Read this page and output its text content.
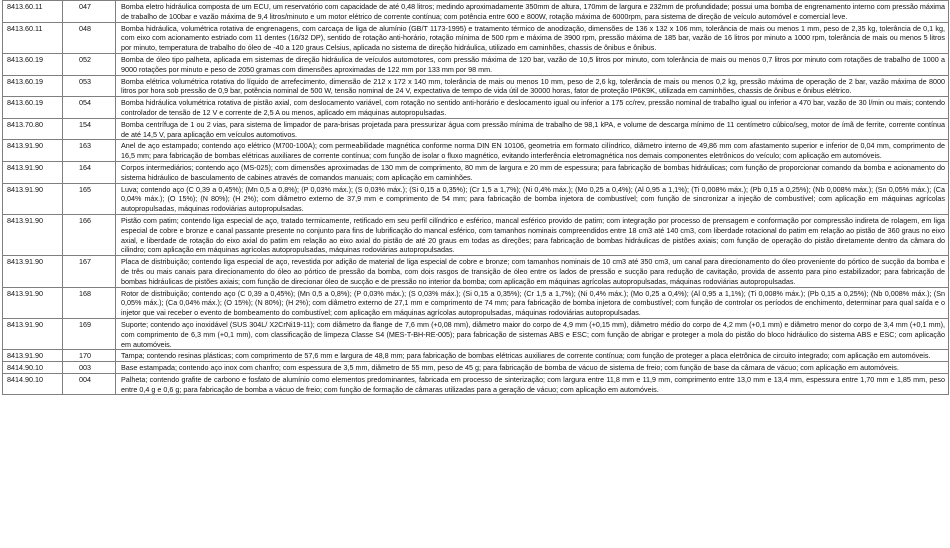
8413.60.11	047	Bomba eletro hidráulica composta de um ECU, um reservatório com capacidade de até 0,48 litros; medindo aproximadamente 350mm de altura, 170mm de largura e 232mm de profundidade; possui uma bomba de engrenamento interno com pressão máxima de trabalho de 100bar e vazão máxima de 9,4 litros/minuto e um motor elétrico de corrente contínua; com potência entre 600 e 800W, rotação máxima de 6000rpm, para sistema de direção de veículo automóvel e comercial leve.
8413.60.11	048	Bomba hidráulica, volumétrica rotativa de engrenagens, com carcaça de liga de alumínio (GB/T 1173-1995) e tratamento térmico de anodização, dimensões de 136 x 132 x 106 mm, tolerância de mais ou menos 1 mm, peso de 2,35 kg, tolerância de 0,1 kg, com eixo com acionamento estriado com 11 dentes (16/32 DP), sentido de rotação anti-horário, rotação mínima de 500 rpm e máxima de 3900 rpm, pressão máxima de 185 bar, vazão de 16 litros por minuto a 1000 rpm, tolerância de mais ou menos 5 litros por minuto, temperatura de trabalho do óleo de -40 a 120 graus Celsius, aplicada no sistema de direção hidráulica, utilizado em caminhões, chassis de ônibus e ônibus.
8413.60.19	052	Bomba de óleo tipo palheta, aplicada em sistemas de direção hidráulica de veículos automotores, com pressão máxima de 120 bar, vazão de 10,5 litros por minuto, com tolerância de mais ou menos 0,7 litros por minuto com rotações de trabalho de 1000 a 9000 rotações por minuto e peso de 2050 gramas com dimensões aproximadas de 122 mm por 133 mm por 98 mm.
8413.60.19	053	Bomba elétrica volumétrica rotativa do líquido de arrefecimento, dimensão de 212 x 172 x 140 mm, tolerância de mais ou menos 10 mm, peso de 2,6 kg, tolerância de mais ou menos 0,2 kg, pressão máxima de operação de 2 bar, vazão máxima de 8000 litros por hora sob pressão de 0,9 bar, potência nominal de 500 W, tensão nominal de 24 V, expectativa de tempo de vida útil de 30000 horas, fator de proteção IP6K9K, utilizada em caminhões, chassis de ônibus e ônibus elétrico.
8413.60.19	054	Bomba hidráulica volumétrica rotativa de pistão axial, com deslocamento variável, com rotação no sentido anti-horário e deslocamento igual ou inferior a 175 cc/rev, pressão nominal de trabalho igual ou inferior a 470 bar, vazão de 30 l/min ou mais; contendo controlador de tensão de 12 V e corrente de 2,5 A ou menos, aplicado em máquinas autopropulsadas.
8413.70.80	154	Bomba centrífuga de 1 ou 2 vias, para sistema de limpador de para-brisas projetada para pressurizar água com pressão mínima de trabalho de 98,1 kPA, e volume de descarga mínimo de 11 centímetro cúbico/seg, motor de ímã de ferrite, corrente contínua de até 14,5 V, para aplicação em veículos automotivos.
8413.91.90	163	Anel de aço estampado; contendo aço elétrico (M700-100A); com permeabilidade magnética conforme norma DIN EN 10106, geometria em formato cilíndrico, diâmetro interno de 49,86 mm com afastamento superior e inferior de 0,04 mm, comprimento de 16,5 mm; para fabricação de bombas elétricas auxiliares de corrente contínua; com função de isolar o fluxo magnético, evitando interferência eletromagnética nos demais componentes eletrônicos do veículo; com aplicação em automóveis.
8413.91.90	164	Corpos intermediários; contendo aço (MS-025); com dimensões aproximadas de 130 mm de comprimento, 80 mm de largura e 20 mm de espessura; para fabricação de bombas hidráulicas; com função de proporcionar comando da bomba e acionamento do sistema hidráulico de basculamento de cabines através de comandos manuais; com aplicação em caminhões.
8413.91.90	165	Luva; contendo aço (C 0,39 a 0,45%); (Mn 0,5 a 0,8%); (P 0,03% máx.); (S 0,03% máx.); (Si 0,15 a 0,35%); (Cr 1,5 a 1,7%); (Ni 0,4% máx.); (Mo 0,25 a 0,4%); (Al 0,95 a 1,1%); (Ti 0,008% máx.); (Pb 0,15 a 0,25%); (Nb 0,008% máx.); (Sn 0,05% máx.); (Ca 0,04% máx.); (O 15%); (N 80%); (H 2%); com diâmetro externo de 37,9 mm e comprimento de 54 mm; para fabricação de bomba injetora de combustível; com função de sincronizar a injeção de combustível; com aplicação em máquinas agrícolas autopropulsadas, máquinas rodoviárias autopropulsadas.
8413.91.90	166	Pistão com patim; contendo liga especial de aço, tratado termicamente, retificado em seu perfil cilíndrico e esférico, mancal esférico provido de patim; com integração por processo de prensagem e conformação por compressão indireta de rolagem, em liga especial de cobre e bronze e canal passante presente no conjunto para fins de lubrificação do mancal esférico, com tamanhos nominais compreendidos entre 18 cm3 até 140 cm3, com liberdade rotacional do patim em relação ao pistão de 360 graus no eixo axial, e liberdade de rotação do eixo axial do patim em relação ao eixo axial do pistão de até 20 graus em todas as direções; para fabricação de bombas hidráulicas de pistões axiais; com função de operação do pistão diretamente dentro da câmara do cilindro; com aplicação em máquinas agrícolas autopropulsadas, máquinas rodoviárias autopropulsadas.
8413.91.90	167	Placa de distribuição; contendo liga especial de aço, revestida por adição de material de liga especial de cobre e bronze; com tamanhos nominais de 10 cm3 até 350 cm3, um canal para direcionamento do óleo proveniente do pórtico de sucção da bomba e de três ou mais canais para direcionamento do óleo ao pórtico de pressão da bomba, com dois rasgos de transição de óleo entre os lados de pressão e sucção para redução de cavitação, provida de assento para pino estabilizador; para fabricação de bombas hidráulicas de pistões axiais; com função de direcionar óleo de sucção e de pressão no interior da bomba; com aplicação em máquinas agrícolas autopropulsadas, máquinas rodoviárias autopropulsadas.
8413.91.90	168	Rotor de distribuição; contendo aço (C 0,39 a 0,45%); (Mn 0,5 a 0,8%); (P 0,03% máx.); (S 0,03% máx.); (Si 0,15 a 0,35%); (Cr 1,5 a 1,7%); (Ni 0,4% máx.); (Mo 0,25 a 0,4%); (Al 0,95 a 1,1%); (Ti 0,008% máx.); (Pb 0,15 a 0,25%); (Nb 0,008% máx.); (Sn 0,05% máx.); (Ca 0,04% máx.); (O 15%); (N 80%); (H 2%); com diâmetro externo de 27,1 mm e comprimento de 74 mm; para fabricação de bomba injetora de combustível; com função de controlar os períodos de enchimento, determinar para qual saída e o injetor que vai receber o evento de bombeamento do combustível; com aplicação em máquinas agrícolas autopropulsadas, máquinas rodoviárias autopropulsadas.
8413.91.90	169	Suporte; contendo aço inoxidável (SUS 304L/ X2CrNi19-11); com diâmetro da flange de 7,6 mm (+0,08 mm), diâmetro maior do corpo de 4,9 mm (+0,15 mm), diâmetro médio do corpo de 4,2 mm (+0,1 mm) e diâmetro menor do corpo de 3,4 mm (+0,1 mm), com comprimento de 6,3 mm (+0,1 mm), com classificação de limpeza Classe S4 (MES-T-BH-RE-005); para fabricação de sistemas ABS e ESC; com função de abrigar e proteger a mola do pistão do bloco hidráulico do sistema ABS e ESC; com aplicação em automóveis.
8413.91.90	170	Tampa; contendo resinas plásticas; com comprimento de 57,6 mm e largura de 48,8 mm; para fabricação de bombas elétricas auxiliares de corrente contínua; com função de proteger a placa eletrônica de circuito integrado; com aplicação em automóveis.
8414.90.10	003	Base estampada; contendo aço inox com chanfro; com espessura de 3,5 mm, diâmetro de 55 mm, peso de 45 g; para fabricação de bomba de vácuo de sistema de freio; com função de base da câmara de vácuo; com aplicação em automóveis.
8414.90.10	004	Palheta; contendo grafite de carbono e fosfato de alumínio como elementos predominantes, fabricada em processo de sinterização; com largura entre 11,8 mm e 11,9 mm, comprimento entre 13,0 mm e 13,4 mm, espessura entre 1,70 mm e 1,85 mm, peso entre 0,4 g e 0,6 g; para fabricação de bomba a vácuo de freio; com função de formação de câmaras utilizadas para a geração de vácuo; com aplicação em automóveis.
